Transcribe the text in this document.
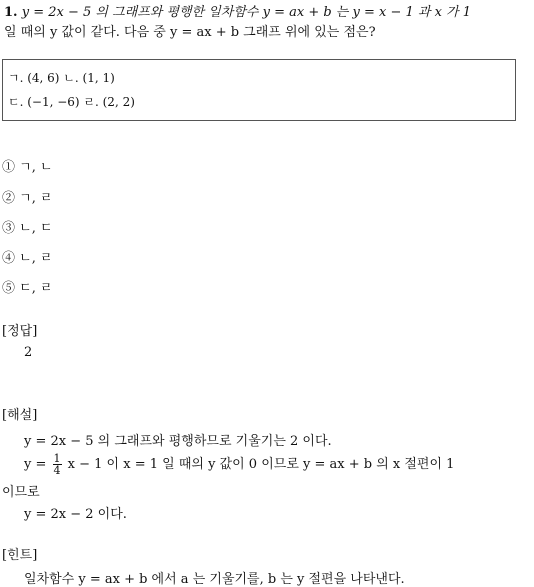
1. y = 2x − 5 의 그래프와 평행한 일차함수 y = ax + b 는 y = x − 1 과 x 가 1
일 때의 y 값이 같다. 다음 중 y = ax + b 그래프 위에 있는 점은?
ㄱ. (4, 6) ㄴ. (1, 1)
ㄷ. (−1, −6) ㄹ. (2, 2)
① ㄱ, ㄴ
② ㄱ, ㄹ
③ ㄴ, ㄷ
④ ㄴ, ㄹ
⑤ ㄷ, ㄹ
[정답]
2
[해설]
y = 2x − 5 의 그래프와 평행하므로 기울기는 2 이다.
$y = \frac{1}{4}$ x − 1 이 x = 1 일 때의 y 값이 0 이므로 y = ax + b 의 x 절편이 1
이므로
y = 2x − 2 이다.
[힌트]
일차함수 y = ax + b 에서 a 는 기울기를, b 는 y 절편을 나타낸다.
